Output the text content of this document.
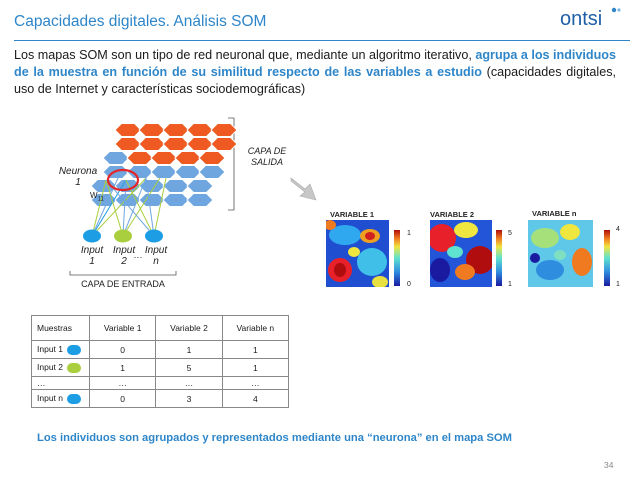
Capacidades digitales. Análisis SOM	ontsi
Los mapas SOM son un tipo de red neuronal que, mediante un algoritmo iterativo, agrupa a los individuos de la muestra en función de su similitud respecto de las variables a estudio (capacidades digitales, uso de Internet y características sociodemográficas)
Neurona
1
$W_{11}$
CAPA DE
SALIDA
Input
1
Input
2
Input
n
···
CAPA DE ENTRADA
VARIABLE 1	VARIABLE 2	VARIABLE n
1
0
5
1
4
1
Muestras	Variable 1	Variable 2	Variable n
Input 1	0	1	1
Input 2	1	5	1
…	…	…	…
Input n	0	3	4
Los individuos son agrupados y representados mediante una “neurona” en el mapa SOM
34
